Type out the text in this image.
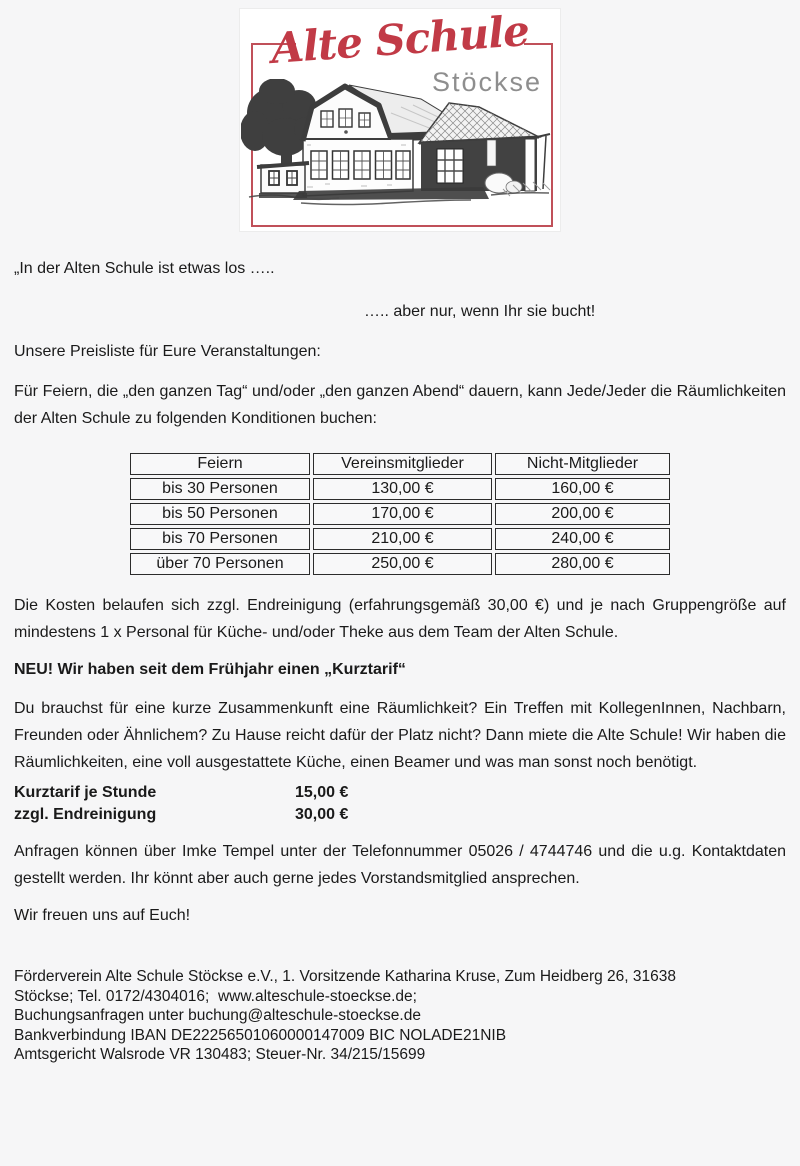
Alte Schule
Stöckse

„In der Alten Schule ist etwas los …..

….. aber nur, wenn Ihr sie bucht!

Unsere Preisliste für Eure Veranstaltungen:

Für Feiern, die „den ganzen Tag“ und/oder „den ganzen Abend“ dauern, kann Jede/Jeder die Räumlichkeiten der Alten Schule zu folgenden Konditionen buchen:

Feiern	Vereinsmitglieder	Nicht-Mitglieder
bis 30 Personen	130,00 €	160,00 €
bis 50 Personen	170,00 €	200,00 €
bis 70 Personen	210,00 €	240,00 €
über 70 Personen	250,00 €	280,00 €

Die Kosten belaufen sich zzgl. Endreinigung (erfahrungsgemäß 30,00 €) und je nach Gruppengröße auf mindestens 1 x Personal für Küche- und/oder Theke aus dem Team der Alten Schule.

NEU! Wir haben seit dem Frühjahr einen „Kurztarif“

Du brauchst für eine kurze Zusammenkunft eine Räumlichkeit? Ein Treffen mit KollegenInnen, Nachbarn, Freunden oder Ähnlichem? Zu Hause reicht dafür der Platz nicht? Dann miete die Alte Schule! Wir haben die Räumlichkeiten, eine voll ausgestattete Küche, einen Beamer und was man sonst noch benötigt.

Kurztarif je Stunde	15,00 €
zzgl. Endreinigung	30,00 €

Anfragen können über Imke Tempel unter der Telefonnummer 05026 / 4744746 und die u.g. Kontaktdaten gestellt werden. Ihr könnt aber auch gerne jedes Vorstandsmitglied ansprechen.

Wir freuen uns auf Euch!

Förderverein Alte Schule Stöckse e.V., 1. Vorsitzende Katharina Kruse, Zum Heidberg 26, 31638
Stöckse; Tel. 0172/4304016;  www.alteschule-stoeckse.de;
Buchungsanfragen unter buchung@alteschule-stoeckse.de
Bankverbindung IBAN DE22256501060000147009 BIC NOLADE21NIB
Amtsgericht Walsrode VR 130483; Steuer-Nr. 34/215/15699
